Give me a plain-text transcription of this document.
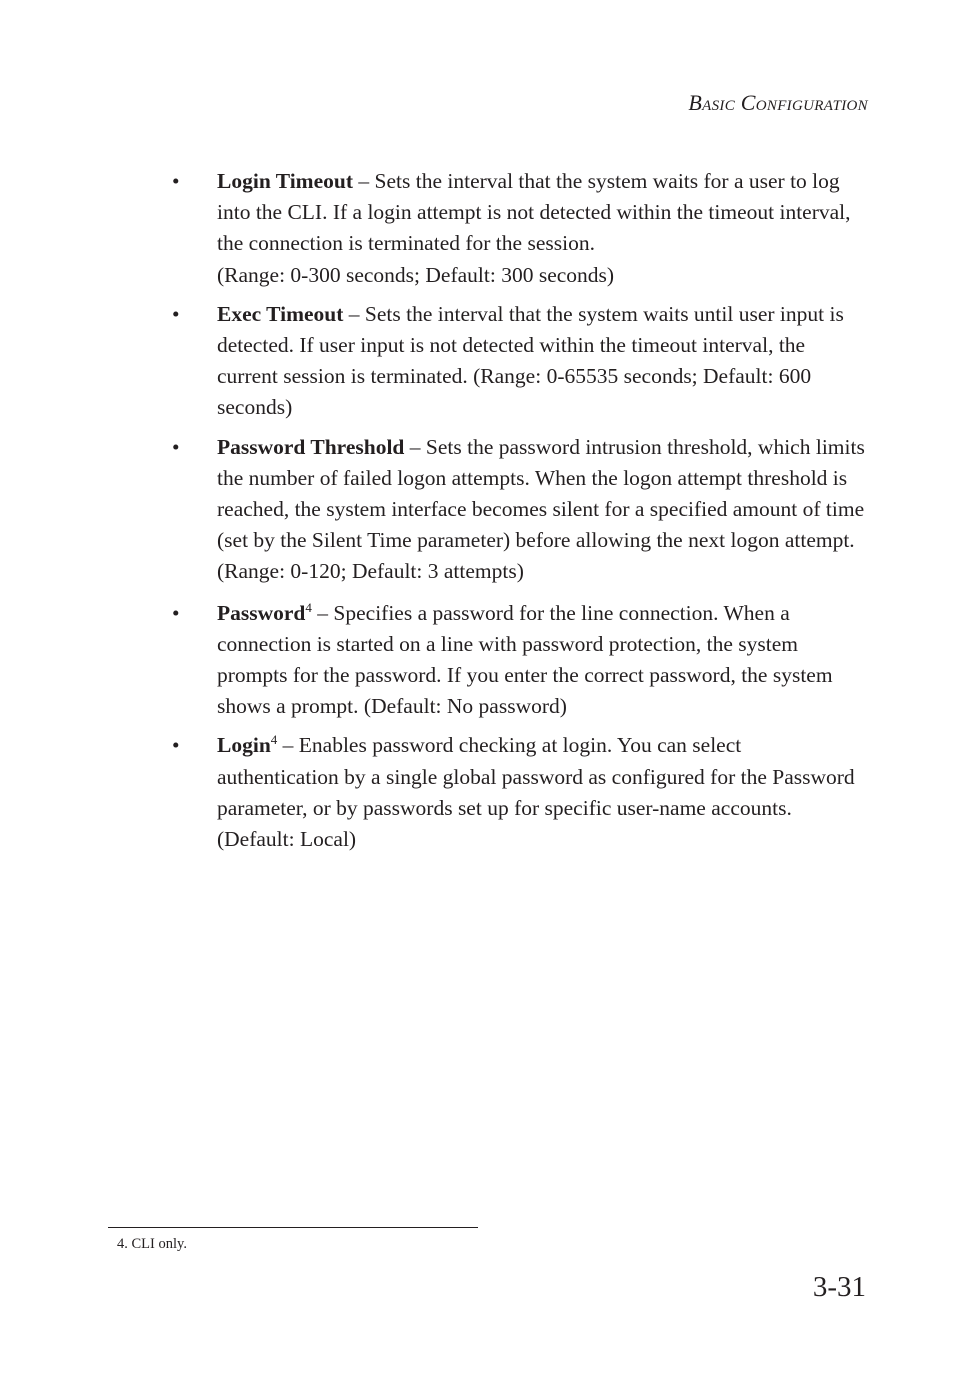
Basic Configuration
• Login Timeout – Sets the interval that the system waits for a user to log into the CLI. If a login attempt is not detected within the timeout interval, the connection is terminated for the session.
(Range: 0-300 seconds; Default: 300 seconds)
• Exec Timeout – Sets the interval that the system waits until user input is detected. If user input is not detected within the timeout interval, the current session is terminated. (Range: 0-65535 seconds; Default: 600 seconds)
• Password Threshold – Sets the password intrusion threshold, which limits the number of failed logon attempts. When the logon attempt threshold is reached, the system interface becomes silent for a specified amount of time (set by the Silent Time parameter) before allowing the next logon attempt. (Range: 0-120; Default: 3 attempts)
• Password$^4$ – Specifies a password for the line connection. When a connection is started on a line with password protection, the system prompts for the password. If you enter the correct password, the system shows a prompt. (Default: No password)
• Login$^4$ – Enables password checking at login. You can select authentication by a single global password as configured for the Password parameter, or by passwords set up for specific user-name accounts. (Default: Local)
4. CLI only.
3-31
